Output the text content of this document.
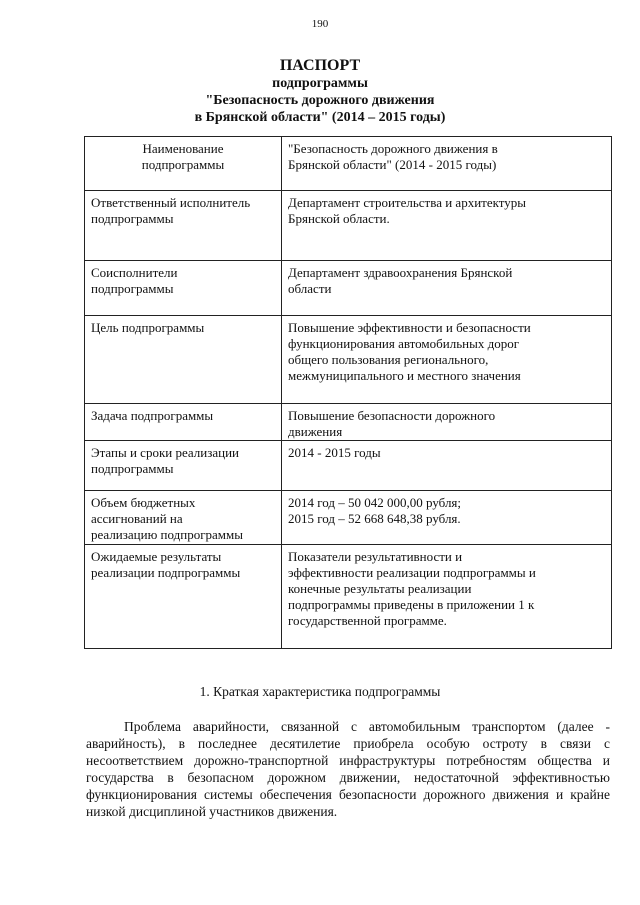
190
ПАСПОРТ
подпрограммы
"Безопасность дорожного движения
в Брянской области" (2014 – 2015 годы)
Наименование
подпрограммы	"Безопасность дорожного движения в
Брянской области" (2014 - 2015 годы)
Ответственный исполнитель
подпрограммы	Департамент строительства и архитектуры
Брянской области.
Соисполнители
подпрограммы	Департамент здравоохранения Брянской
области
Цель подпрограммы	Повышение эффективности и безопасности
функционирования автомобильных дорог
общего пользования регионального,
межмуниципального и местного значения
Задача подпрограммы	Повышение безопасности дорожного
движения
Этапы и сроки реализации
подпрограммы	2014 - 2015 годы
Объем бюджетных
ассигнований на
реализацию подпрограммы	2014 год – 50 042 000,00 рубля;
2015 год – 52 668 648,38 рубля.
Ожидаемые результаты
реализации подпрограммы	Показатели результативности и
эффективности реализации подпрограммы и
конечные результаты реализации
подпрограммы приведены в приложении 1 к
государственной программе.
1. Краткая характеристика подпрограммы
Проблема аварийности, связанной с автомобильным транспортом (далее - аварийность), в последнее десятилетие приобрела особую остроту в связи с несоответствием дорожно-транспортной инфраструктуры потребностям общества и государства в безопасном дорожном движении, недостаточной эффективностью функционирования системы обеспечения безопасности дорожного движения и крайне низкой дисциплиной участников движения.
